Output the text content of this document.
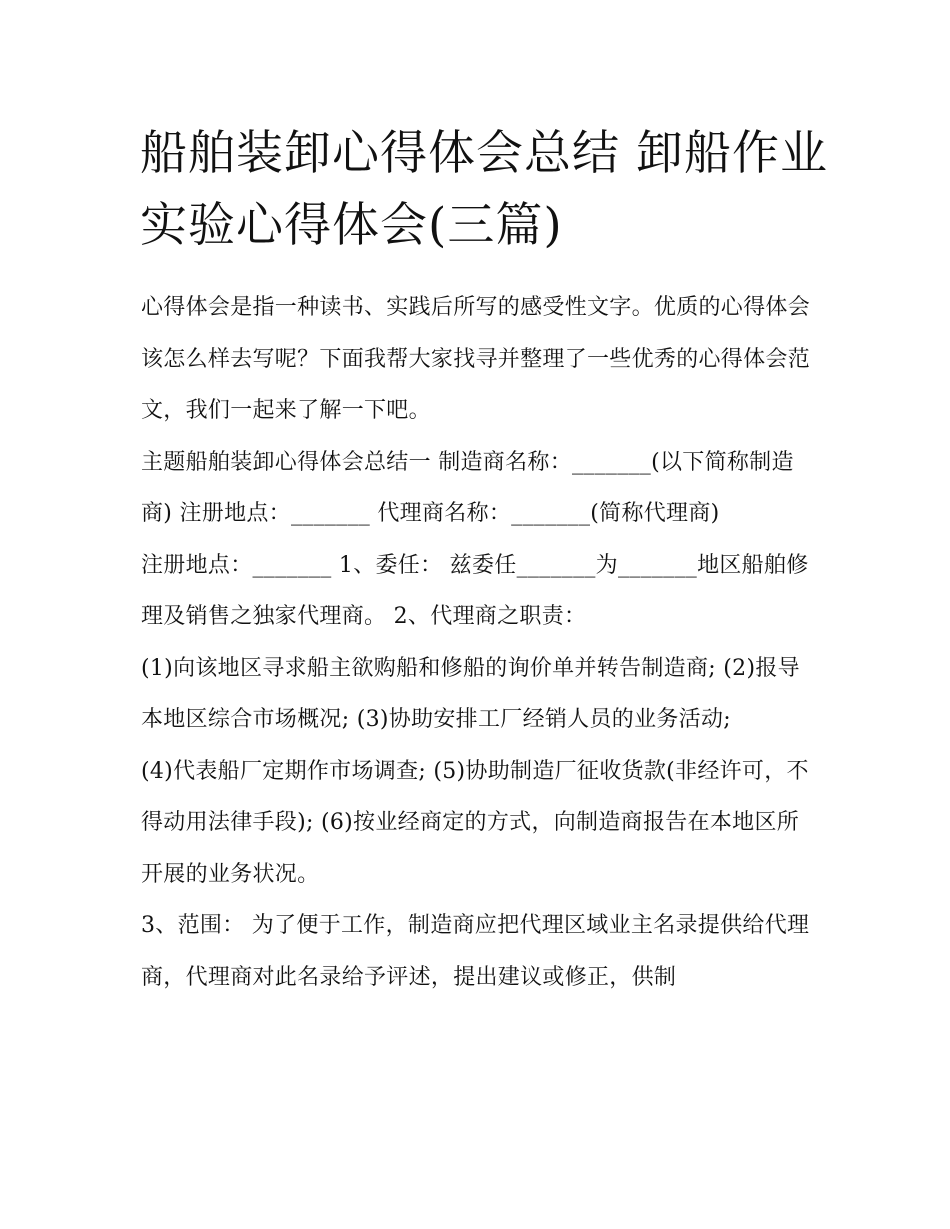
船舶装卸心得体会总结 卸船作业实验心得体会(三篇)

心得体会是指一种读书、实践后所写的感受性文字。优质的心得体会该怎么样去写呢？下面我帮大家找寻并整理了一些优秀的心得体会范文，我们一起来了解一下吧。

主题船舶装卸心得体会总结一 制造商名称：_______(以下简称制造商) 注册地点：_______ 代理商名称：_______(简称代理商)

注册地点：_______ 1、委任： 兹委任_______为_______地区船舶修理及销售之独家代理商。 2、代理商之职责：

(1)向该地区寻求船主欲购船和修船的询价单并转告制造商; (2)报导本地区综合市场概况; (3)协助安排工厂经销人员的业务活动;

(4)代表船厂定期作市场调查; (5)协助制造厂征收货款(非经许可，不得动用法律手段); (6)按业经商定的方式，向制造商报告在本地区所开展的业务状况。

3、范围： 为了便于工作，制造商应把代理区域业主名录提供给代理商，代理商对此名录给予评述，提出建议或修正，供制
